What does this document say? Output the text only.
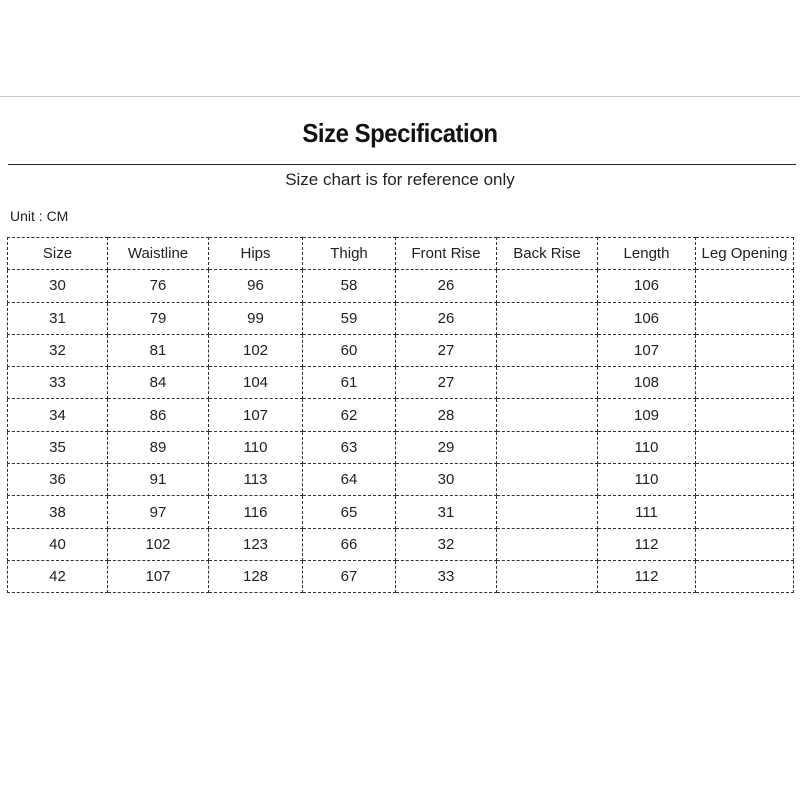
Size Specification
Size chart is for reference only
Unit : CM
Size	Waistline	Hips	Thigh	Front Rise	Back Rise	Length	Leg Opening
30	76	96	58	26		106	
31	79	99	59	26		106	
32	81	102	60	27		107	
33	84	104	61	27		108	
34	86	107	62	28		109	
35	89	110	63	29		110	
36	91	113	64	30		110	
38	97	116	65	31		111	
40	102	123	66	32		112	
42	107	128	67	33		112	
